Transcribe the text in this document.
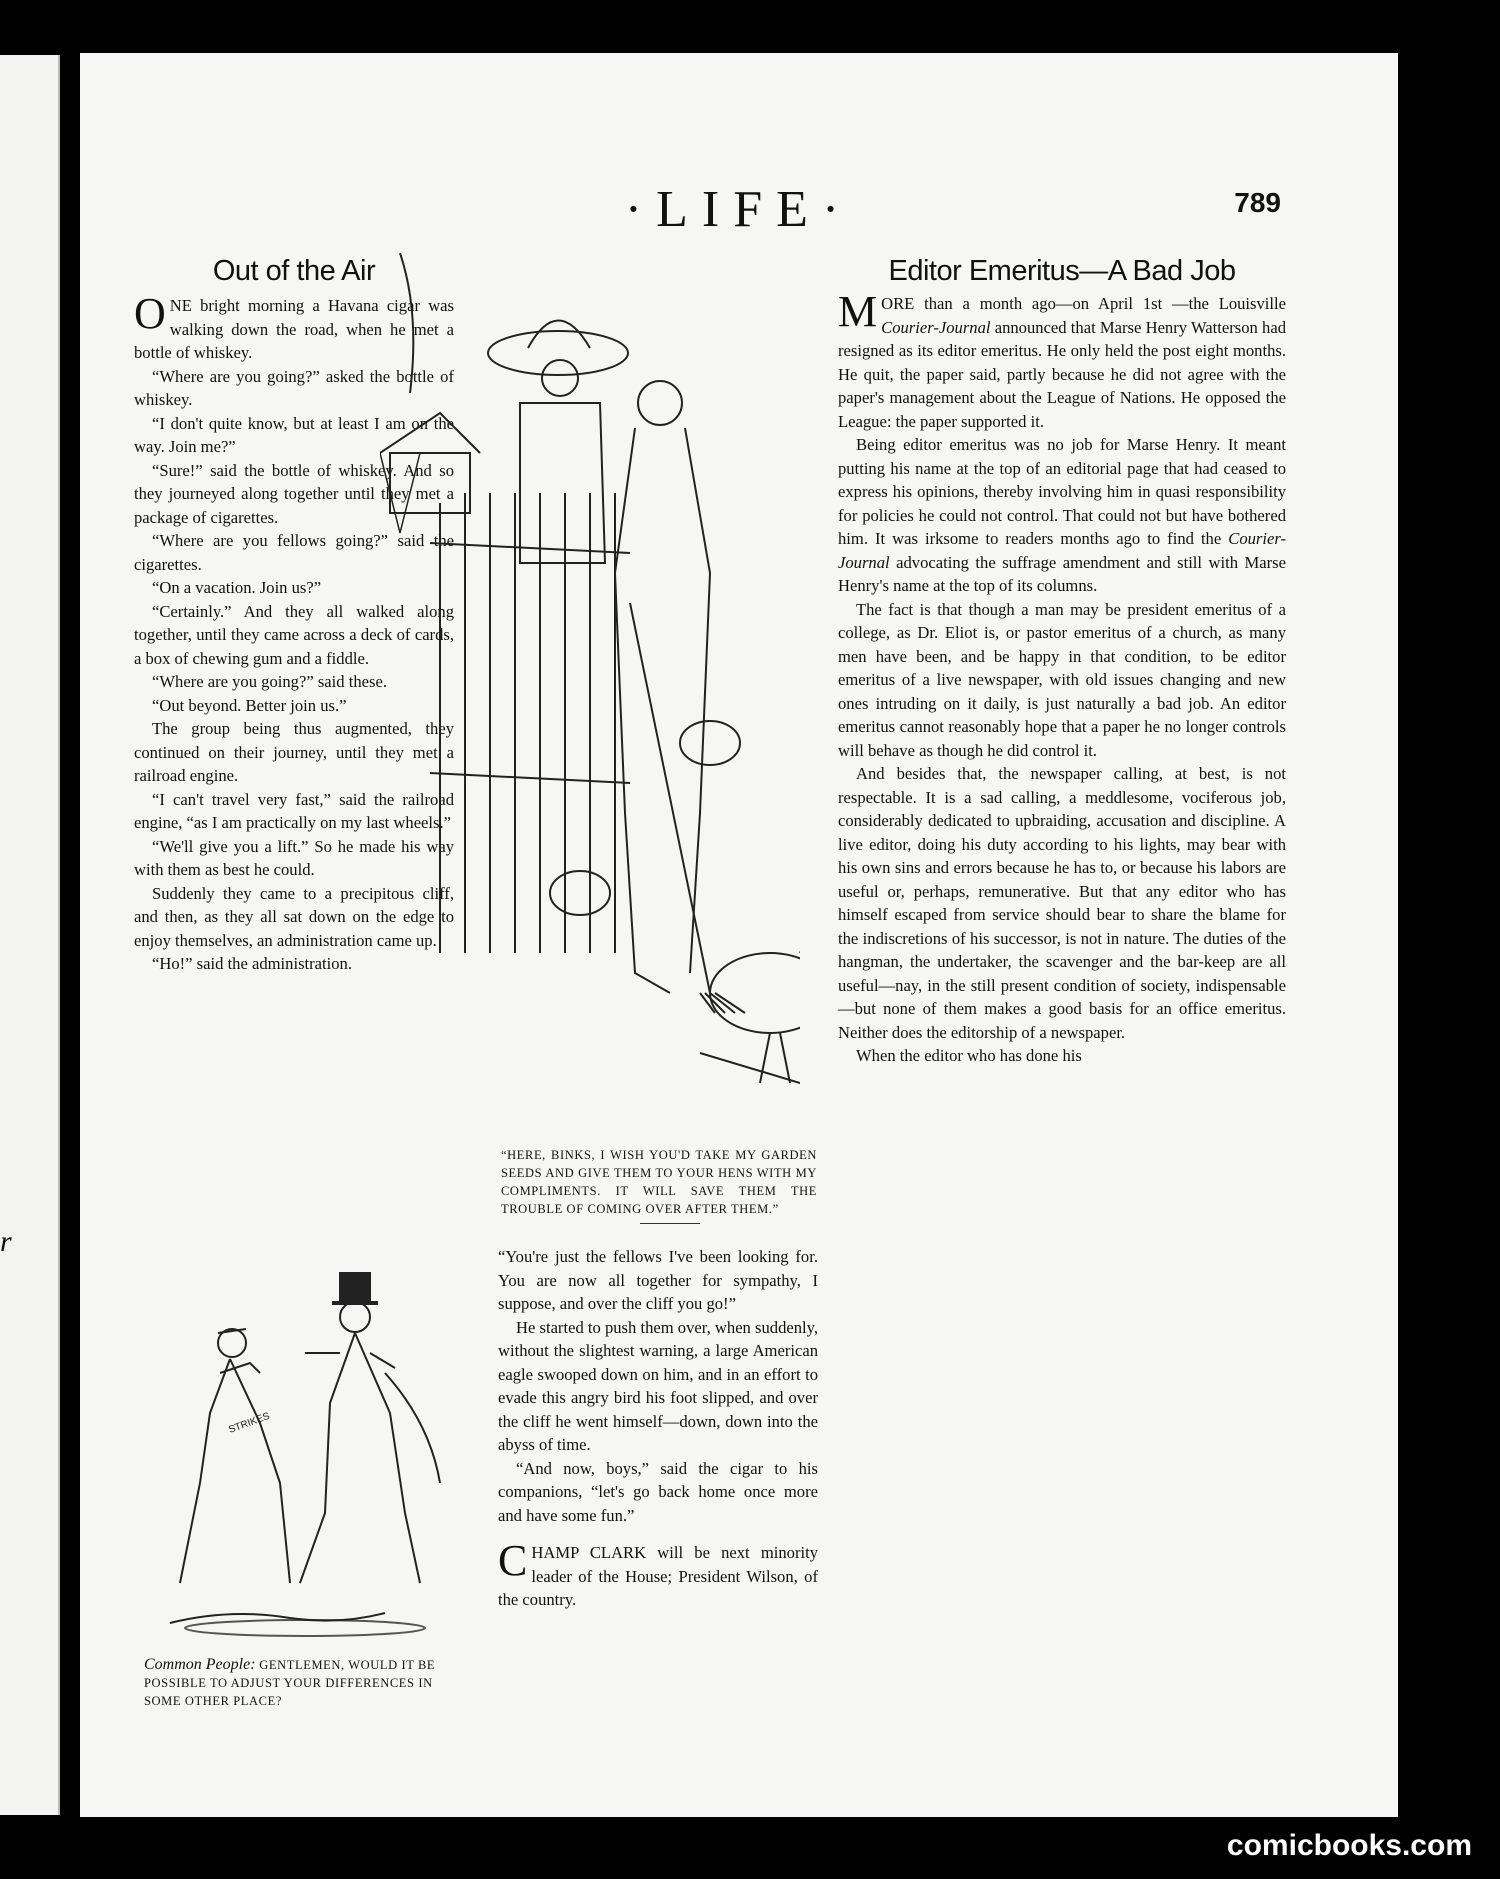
r
·LIFE·	789
Out of the Air

ONE bright morning a Havana cigar was walking down the road, when he met a bottle of whiskey.

“Where are you going?” asked the bottle of whiskey.

“I don't quite know, but at least I am on the way. Join me?”

“Sure!” said the bottle of whiskey. And so they journeyed along together until they met a package of cigarettes.

“Where are you fellows going?” said the cigarettes.

“On a vacation. Join us?”

“Certainly.” And they all walked along together, until they came across a deck of cards, a box of chewing gum and a fiddle.

“Where are you going?” said these.

“Out beyond. Better join us.”

The group being thus augmented, they continued on their journey, until they met a railroad engine.

“I can't travel very fast,” said the railroad engine, “as I am practically on my last wheels.”

“We'll give you a lift.” So he made his way with them as best he could.

Suddenly they came to a precipitous cliff, and then, as they all sat down on the edge to enjoy themselves, an administration came up.

“Ho!” said the administration.

STRIKES
Common People: GENTLEMEN, WOULD IT BE POSSIBLE TO ADJUST YOUR DIFFERENCES IN SOME OTHER PLACE?
“HERE, BINKS, I WISH YOU'D TAKE MY GARDEN SEEDS AND GIVE THEM TO YOUR HENS WITH MY COMPLIMENTS. IT WILL SAVE THEM THE TROUBLE OF COMING OVER AFTER THEM.”

“You're just the fellows I've been looking for. You are now all together for sympathy, I suppose, and over the cliff you go!”

He started to push them over, when suddenly, without the slightest warning, a large American eagle swooped down on him, and in an effort to evade this angry bird his foot slipped, and over the cliff he went himself—down, down into the abyss of time.

“And now, boys,” said the cigar to his companions, “let's go back home once more and have some fun.”

CHAMP CLARK will be next minority leader of the House; President Wilson, of the country.

Editor Emeritus—A Bad Job

MORE than a month ago—on April 1st —the Louisville Courier-Journal announced that Marse Henry Watterson had resigned as its editor emeritus. He only held the post eight months. He quit, the paper said, partly because he did not agree with the paper's management about the League of Nations. He opposed the League: the paper supported it.

Being editor emeritus was no job for Marse Henry. It meant putting his name at the top of an editorial page that had ceased to express his opinions, thereby involving him in quasi responsibility for policies he could not control. That could not but have bothered him. It was irksome to readers months ago to find the Courier-Journal advocating the suffrage amendment and still with Marse Henry's name at the top of its columns.

The fact is that though a man may be president emeritus of a college, as Dr. Eliot is, or pastor emeritus of a church, as many men have been, and be happy in that condition, to be editor emeritus of a live newspaper, with old issues changing and new ones intruding on it daily, is just naturally a bad job. An editor emeritus cannot reasonably hope that a paper he no longer controls will behave as though he did control it.

And besides that, the newspaper calling, at best, is not respectable. It is a sad calling, a meddlesome, vociferous job, considerably dedicated to upbraiding, accusation and discipline. A live editor, doing his duty according to his lights, may bear with his own sins and errors because he has to, or because his labors are useful or, perhaps, remunerative. But that any editor who has himself escaped from service should bear to share the blame for the indiscretions of his successor, is not in nature. The duties of the hangman, the undertaker, the scavenger and the bar-keep are all useful—nay, in the still present condition of society, indispensable—but none of them makes a good basis for an office emeritus. Neither does the editorship of a newspaper.

When the editor who has done his

comicbooks.com
